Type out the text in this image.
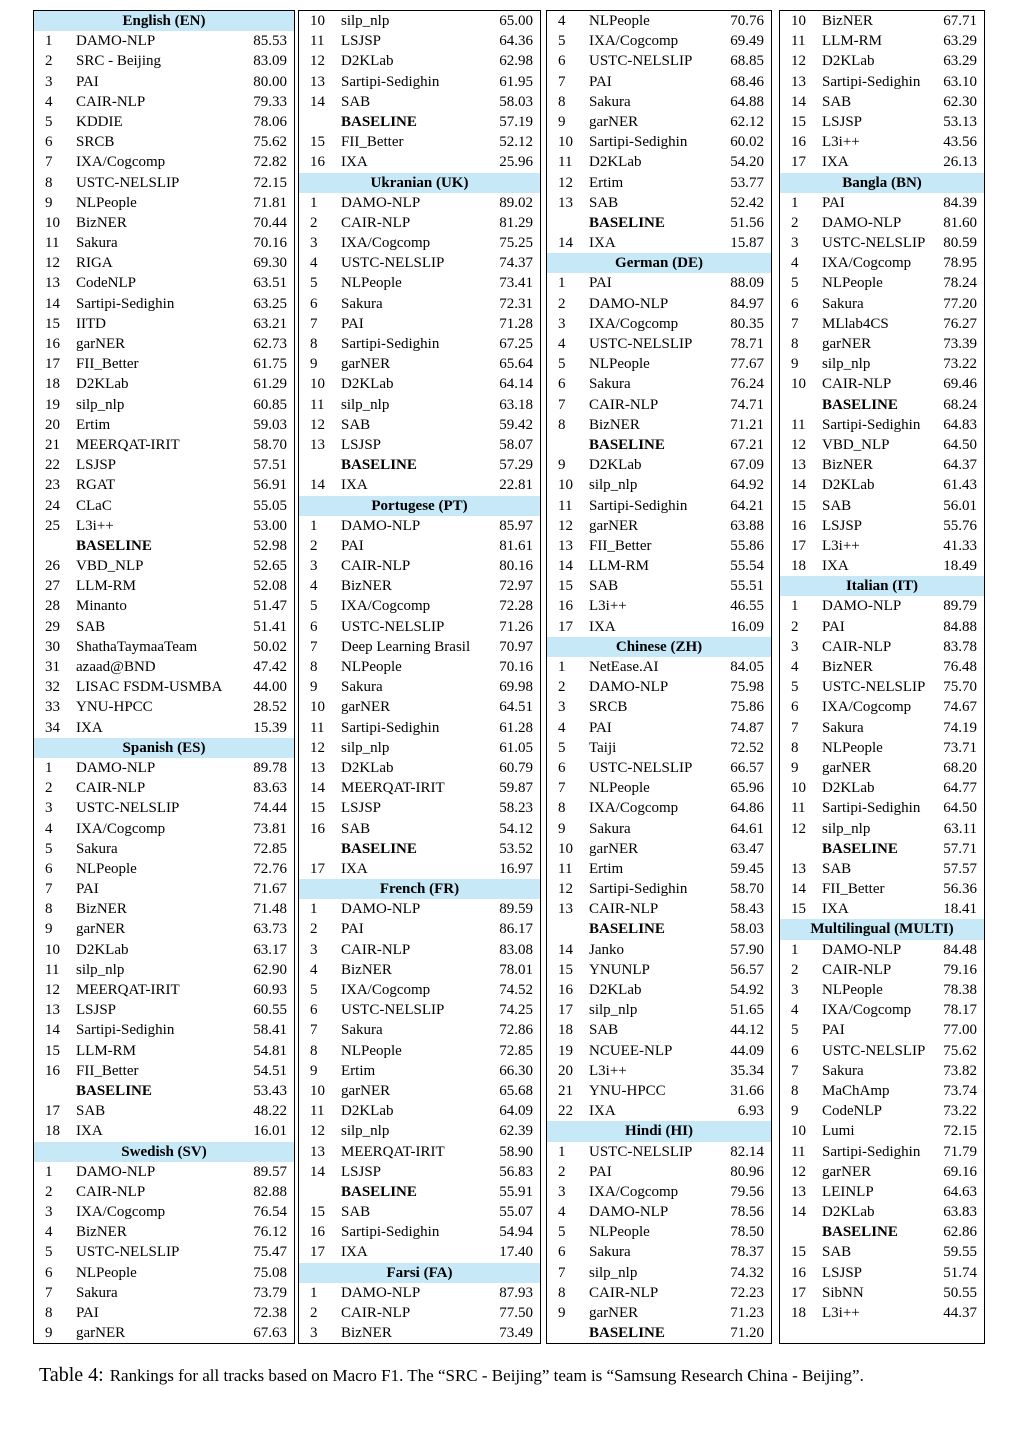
English (EN)
1	DAMO-NLP	85.53
2	SRC - Beijing	83.09
3	PAI	80.00
4	CAIR-NLP	79.33
5	KDDIE	78.06
6	SRCB	75.62
7	IXA/Cogcomp	72.82
8	USTC-NELSLIP	72.15
9	NLPeople	71.81
10	BizNER	70.44
11	Sakura	70.16
12	RIGA	69.30
13	CodeNLP	63.51
14	Sartipi-Sedighin	63.25
15	IITD	63.21
16	garNER	62.73
17	FII_Better	61.75
18	D2KLab	61.29
19	silp_nlp	60.85
20	Ertim	59.03
21	MEERQAT-IRIT	58.70
22	LSJSP	57.51
23	RGAT	56.91
24	CLaC	55.05
25	L3i++	53.00
BASELINE	52.98
26	VBD_NLP	52.65
27	LLM-RM	52.08
28	Minanto	51.47
29	SAB	51.41
30	ShathaTaymaaTeam	50.02
31	azaad@BND	47.42
32	LISAC FSDM-USMBA	44.00
33	YNU-HPCC	28.52
34	IXA	15.39
Spanish (ES)
1	DAMO-NLP	89.78
2	CAIR-NLP	83.63
3	USTC-NELSLIP	74.44
4	IXA/Cogcomp	73.81
5	Sakura	72.85
6	NLPeople	72.76
7	PAI	71.67
8	BizNER	71.48
9	garNER	63.73
10	D2KLab	63.17
11	silp_nlp	62.90
12	MEERQAT-IRIT	60.93
13	LSJSP	60.55
14	Sartipi-Sedighin	58.41
15	LLM-RM	54.81
16	FII_Better	54.51
BASELINE	53.43
17	SAB	48.22
18	IXA	16.01
Swedish (SV)
1	DAMO-NLP	89.57
2	CAIR-NLP	82.88
3	IXA/Cogcomp	76.54
4	BizNER	76.12
5	USTC-NELSLIP	75.47
6	NLPeople	75.08
7	Sakura	73.79
8	PAI	72.38
9	garNER	67.63
10	silp_nlp	65.00
11	LSJSP	64.36
12	D2KLab	62.98
13	Sartipi-Sedighin	61.95
14	SAB	58.03
BASELINE	57.19
15	FII_Better	52.12
16	IXA	25.96
Ukranian (UK)
1	DAMO-NLP	89.02
2	CAIR-NLP	81.29
3	IXA/Cogcomp	75.25
4	USTC-NELSLIP	74.37
5	NLPeople	73.41
6	Sakura	72.31
7	PAI	71.28
8	Sartipi-Sedighin	67.25
9	garNER	65.64
10	D2KLab	64.14
11	silp_nlp	63.18
12	SAB	59.42
13	LSJSP	58.07
BASELINE	57.29
14	IXA	22.81
Portugese (PT)
1	DAMO-NLP	85.97
2	PAI	81.61
3	CAIR-NLP	80.16
4	BizNER	72.97
5	IXA/Cogcomp	72.28
6	USTC-NELSLIP	71.26
7	Deep Learning Brasil	70.97
8	NLPeople	70.16
9	Sakura	69.98
10	garNER	64.51
11	Sartipi-Sedighin	61.28
12	silp_nlp	61.05
13	D2KLab	60.79
14	MEERQAT-IRIT	59.87
15	LSJSP	58.23
16	SAB	54.12
BASELINE	53.52
17	IXA	16.97
French (FR)
1	DAMO-NLP	89.59
2	PAI	86.17
3	CAIR-NLP	83.08
4	BizNER	78.01
5	IXA/Cogcomp	74.52
6	USTC-NELSLIP	74.25
7	Sakura	72.86
8	NLPeople	72.85
9	Ertim	66.30
10	garNER	65.68
11	D2KLab	64.09
12	silp_nlp	62.39
13	MEERQAT-IRIT	58.90
14	LSJSP	56.83
BASELINE	55.91
15	SAB	55.07
16	Sartipi-Sedighin	54.94
17	IXA	17.40
Farsi (FA)
1	DAMO-NLP	87.93
2	CAIR-NLP	77.50
3	BizNER	73.49
4	NLPeople	70.76
5	IXA/Cogcomp	69.49
6	USTC-NELSLIP	68.85
7	PAI	68.46
8	Sakura	64.88
9	garNER	62.12
10	Sartipi-Sedighin	60.02
11	D2KLab	54.20
12	Ertim	53.77
13	SAB	52.42
BASELINE	51.56
14	IXA	15.87
German (DE)
1	PAI	88.09
2	DAMO-NLP	84.97
3	IXA/Cogcomp	80.35
4	USTC-NELSLIP	78.71
5	NLPeople	77.67
6	Sakura	76.24
7	CAIR-NLP	74.71
8	BizNER	71.21
BASELINE	67.21
9	D2KLab	67.09
10	silp_nlp	64.92
11	Sartipi-Sedighin	64.21
12	garNER	63.88
13	FII_Better	55.86
14	LLM-RM	55.54
15	SAB	55.51
16	L3i++	46.55
17	IXA	16.09
Chinese (ZH)
1	NetEase.AI	84.05
2	DAMO-NLP	75.98
3	SRCB	75.86
4	PAI	74.87
5	Taiji	72.52
6	USTC-NELSLIP	66.57
7	NLPeople	65.96
8	IXA/Cogcomp	64.86
9	Sakura	64.61
10	garNER	63.47
11	Ertim	59.45
12	Sartipi-Sedighin	58.70
13	CAIR-NLP	58.43
BASELINE	58.03
14	Janko	57.90
15	YNUNLP	56.57
16	D2KLab	54.92
17	silp_nlp	51.65
18	SAB	44.12
19	NCUEE-NLP	44.09
20	L3i++	35.34
21	YNU-HPCC	31.66
22	IXA	6.93
Hindi (HI)
1	USTC-NELSLIP	82.14
2	PAI	80.96
3	IXA/Cogcomp	79.56
4	DAMO-NLP	78.56
5	NLPeople	78.50
6	Sakura	78.37
7	silp_nlp	74.32
8	CAIR-NLP	72.23
9	garNER	71.23
BASELINE	71.20
10	BizNER	67.71
11	LLM-RM	63.29
12	D2KLab	63.29
13	Sartipi-Sedighin	63.10
14	SAB	62.30
15	LSJSP	53.13
16	L3i++	43.56
17	IXA	26.13
Bangla (BN)
1	PAI	84.39
2	DAMO-NLP	81.60
3	USTC-NELSLIP	80.59
4	IXA/Cogcomp	78.95
5	NLPeople	78.24
6	Sakura	77.20
7	MLlab4CS	76.27
8	garNER	73.39
9	silp_nlp	73.22
10	CAIR-NLP	69.46
BASELINE	68.24
11	Sartipi-Sedighin	64.83
12	VBD_NLP	64.50
13	BizNER	64.37
14	D2KLab	61.43
15	SAB	56.01
16	LSJSP	55.76
17	L3i++	41.33
18	IXA	18.49
Italian (IT)
1	DAMO-NLP	89.79
2	PAI	84.88
3	CAIR-NLP	83.78
4	BizNER	76.48
5	USTC-NELSLIP	75.70
6	IXA/Cogcomp	74.67
7	Sakura	74.19
8	NLPeople	73.71
9	garNER	68.20
10	D2KLab	64.77
11	Sartipi-Sedighin	64.50
12	silp_nlp	63.11
BASELINE	57.71
13	SAB	57.57
14	FII_Better	56.36
15	IXA	18.41
Multilingual (MULTI)
1	DAMO-NLP	84.48
2	CAIR-NLP	79.16
3	NLPeople	78.38
4	IXA/Cogcomp	78.17
5	PAI	77.00
6	USTC-NELSLIP	75.62
7	Sakura	73.82
8	MaChAmp	73.74
9	CodeNLP	73.22
10	Lumi	72.15
11	Sartipi-Sedighin	71.79
12	garNER	69.16
13	LEINLP	64.63
14	D2KLab	63.83
BASELINE	62.86
15	SAB	59.55
16	LSJSP	51.74
17	SibNN	50.55
18	L3i++	44.37
Table 4: Rankings for all tracks based on Macro F1. The “SRC - Beijing” team is “Samsung Research China - Beijing”.
